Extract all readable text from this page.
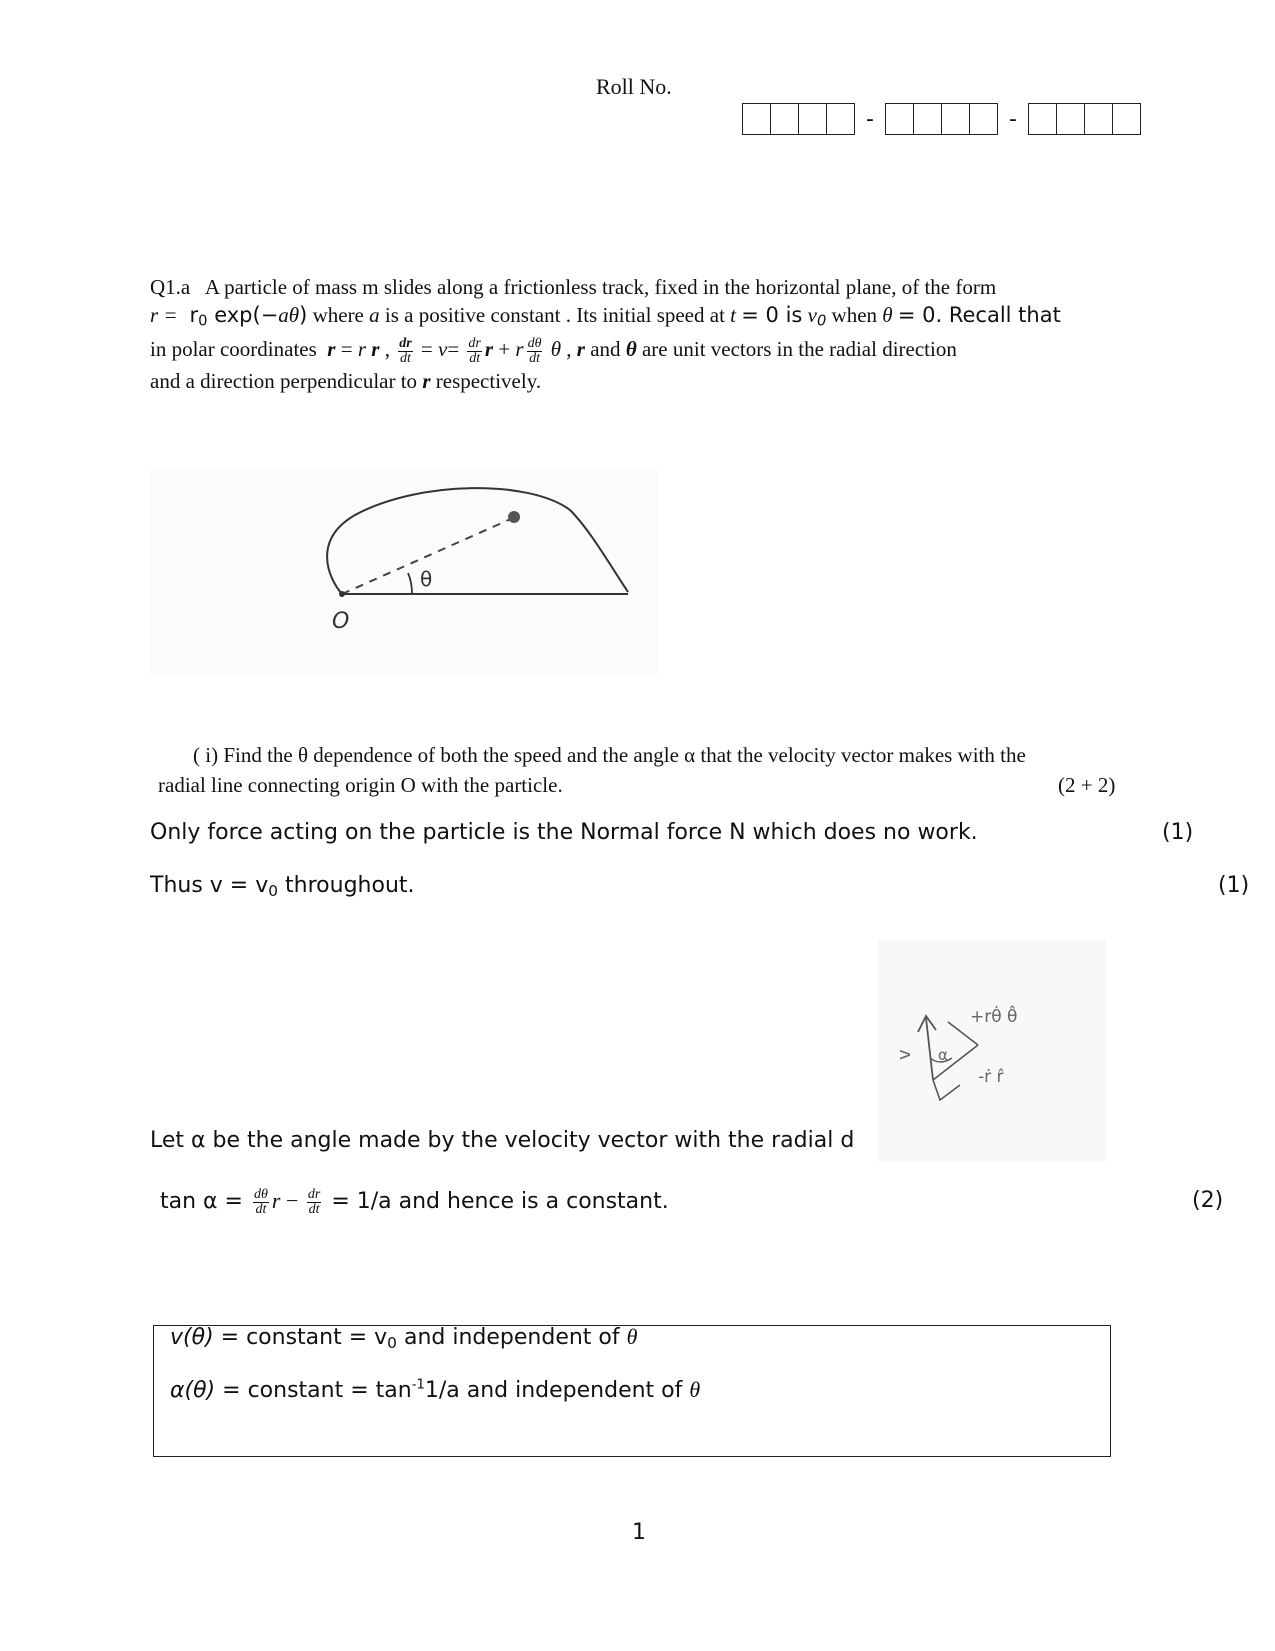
Roll No.
-	-
Q1.a A particle of mass m slides along a frictionless track, fixed in the horizontal plane, of the form
$r = r_0$ exp(−aθ) where a is a positive constant . Its initial speed at t = 0 is $v_0$ when θ = 0. Recall that
in polar coordinates r = r r , $\frac{dr}{dt} = v= \frac{dr}{dt}$ r + r $\frac{d\theta}{dt}$ θ , r and θ are unit vectors in the radial direction
and a direction perpendicular to r respectively.
O
θ
( i) Find the θ dependence of both the speed and the angle α that the velocity vector makes with the
radial line connecting origin O with the particle.	(2 + 2)
Only force acting on the particle is the Normal force N which does no work.	(1)
Thus $v = v_0$ throughout.	(1)
v
+rθ̇ θ̂
-ṙ r̂
α
Let α be the angle made by the velocity vector with the radial d
$\tan \alpha = \frac{d\theta}{dt}$ $r - \frac{dr}{dt} = 1/a$ and hence is a constant.	(2)
v(θ) = constant = $v_0$ and independent of θ
α(θ) = constant = $\tan^{-1}1/a$ and independent of θ
1
